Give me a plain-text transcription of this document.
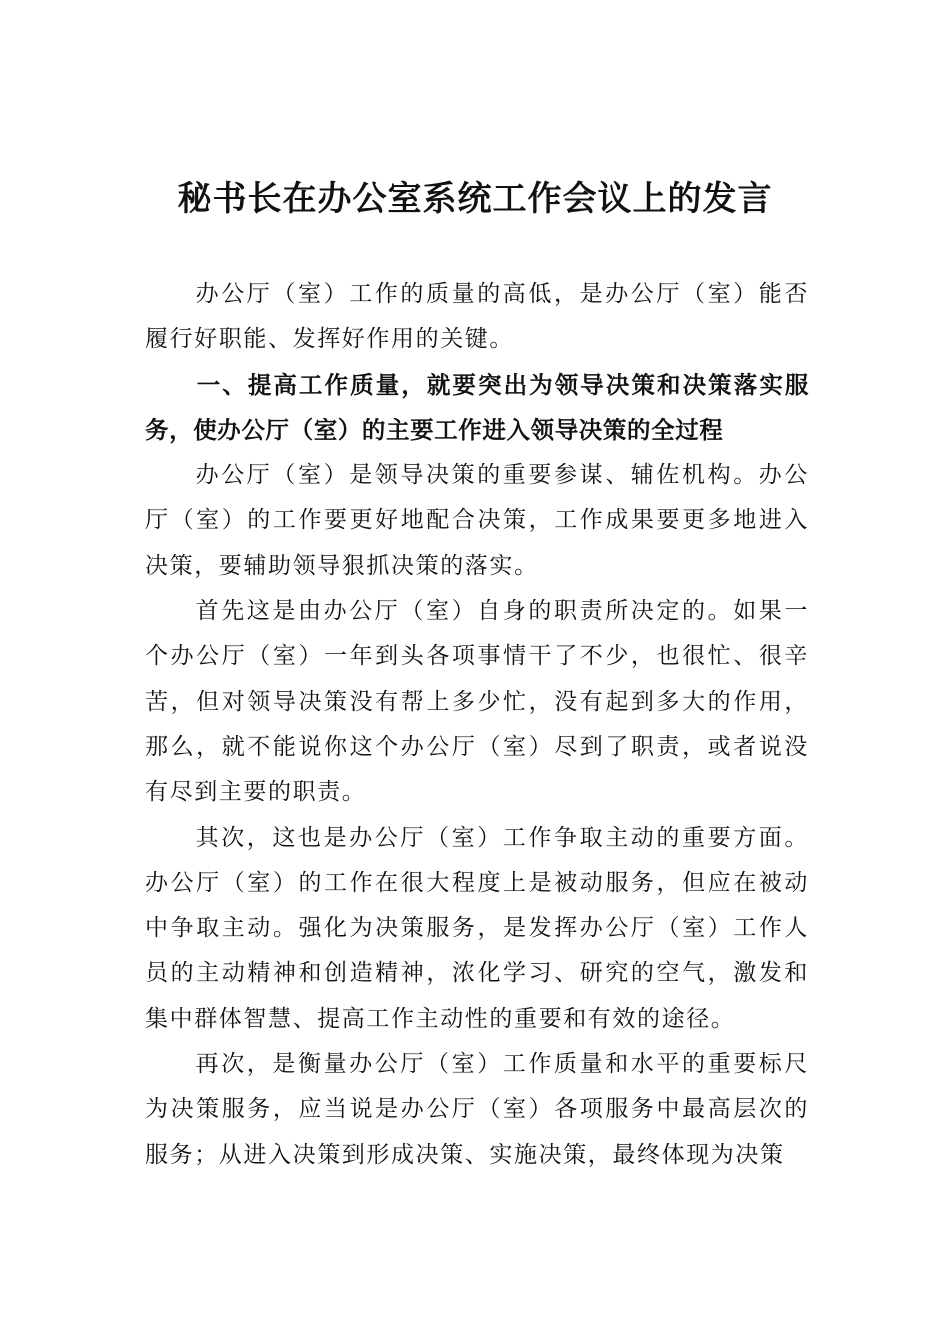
秘书长在办公室系统工作会议上的发言

办公厅（室）工作的质量的高低，是办公厅（室）能否履行好职能、发挥好作用的关键。

一、提高工作质量，就要突出为领导决策和决策落实服务，使办公厅（室）的主要工作进入领导决策的全过程

办公厅（室）是领导决策的重要参谋、辅佐机构。办公厅（室）的工作要更好地配合决策，工作成果要更多地进入决策，要辅助领导狠抓决策的落实。

首先这是由办公厅（室）自身的职责所决定的。如果一个办公厅（室）一年到头各项事情干了不少，也很忙、很辛苦，但对领导决策没有帮上多少忙，没有起到多大的作用，那么，就不能说你这个办公厅（室）尽到了职责，或者说没有尽到主要的职责。

其次，这也是办公厅（室）工作争取主动的重要方面。办公厅（室）的工作在很大程度上是被动服务，但应在被动中争取主动。强化为决策服务，是发挥办公厅（室）工作人员的主动精神和创造精神，浓化学习、研究的空气，激发和集中群体智慧、提高工作主动性的重要和有效的途径。

再次，是衡量办公厅（室）工作质量和水平的重要标尺为决策服务，应当说是办公厅（室）各项服务中最高层次的服务；从进入决策到形成决策、实施决策，最终体现为决策
